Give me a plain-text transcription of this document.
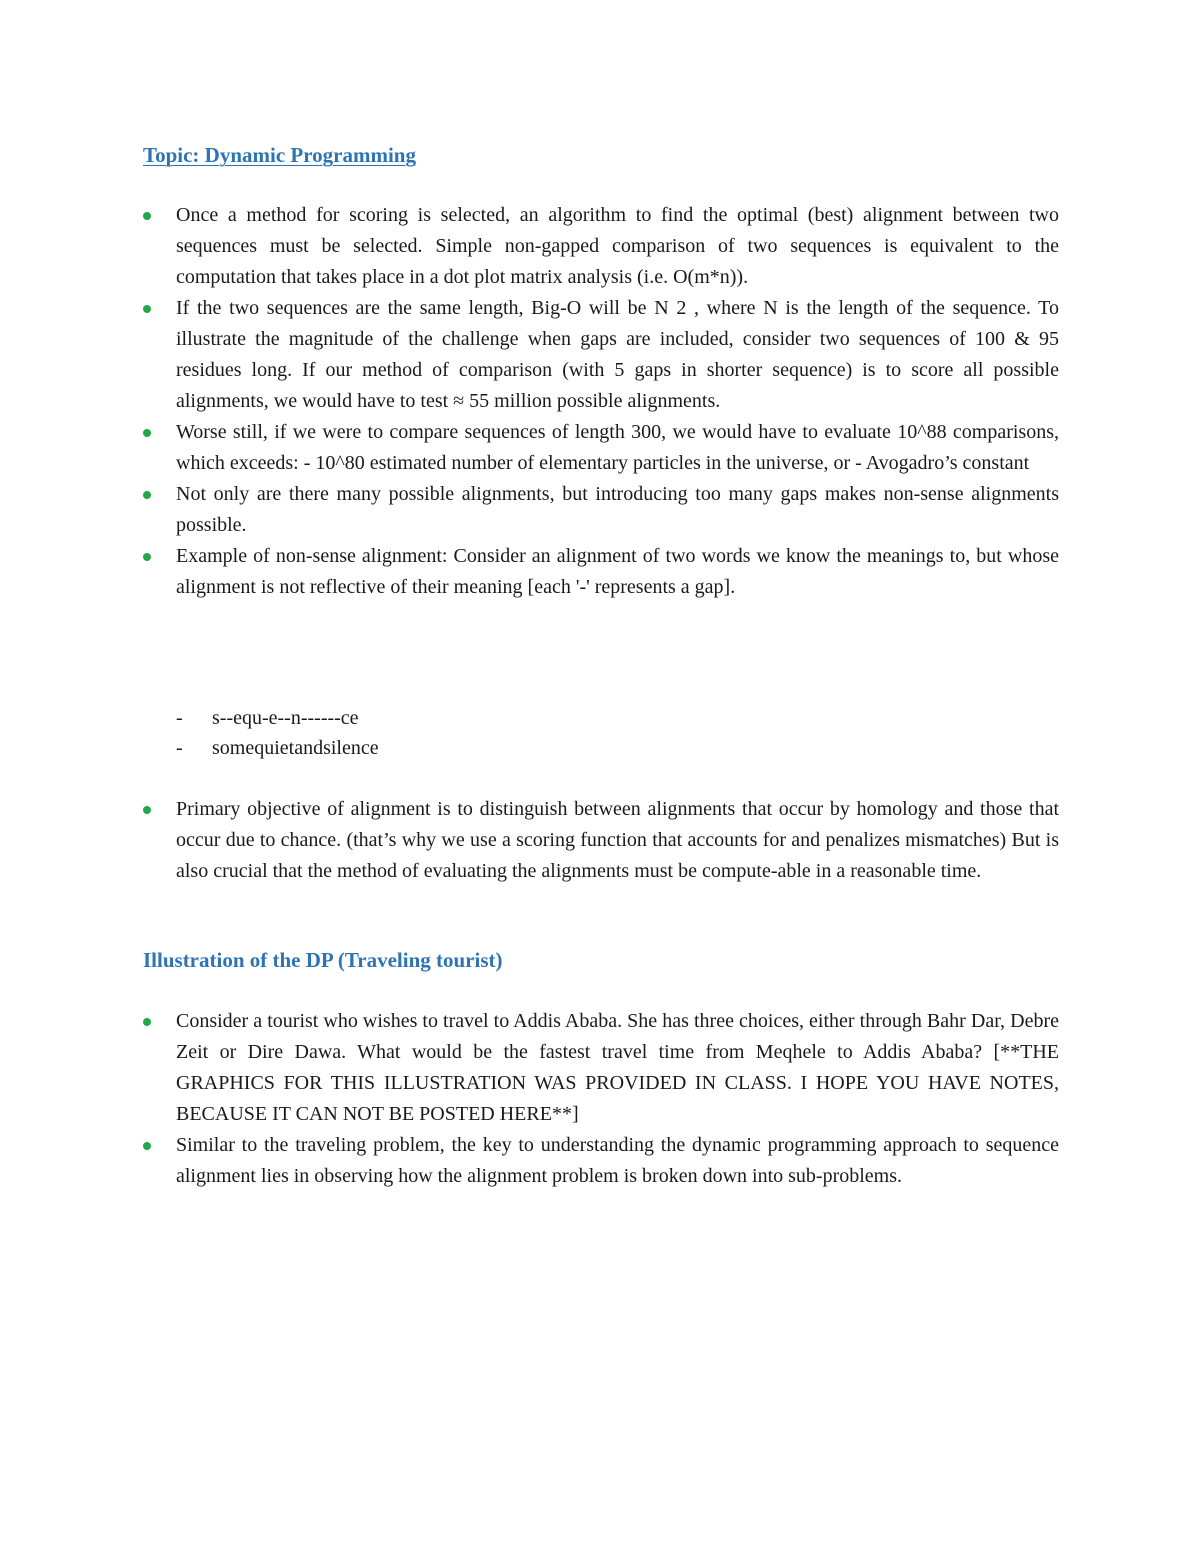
Topic: Dynamic Programming
Once a method for scoring is selected, an algorithm to find the optimal (best) alignment between two sequences must be selected. Simple non-gapped comparison of two sequences is equivalent to the computation that takes place in a dot plot matrix analysis (i.e. O(m*n)).
If the two sequences are the same length, Big-O will be N 2 , where N is the length of the sequence. To illustrate the magnitude of the challenge when gaps are included, consider two sequences of 100 & 95 residues long. If our method of comparison (with 5 gaps in shorter sequence) is to score all possible alignments, we would have to test ≈ 55 million possible alignments.
Worse still, if we were to compare sequences of length 300, we would have to evaluate 10^88 comparisons, which exceeds: - 10^80 estimated number of elementary particles in the universe, or - Avogadro’s constant
Not only are there many possible alignments, but introducing too many gaps makes non-sense alignments possible.
Example of non-sense alignment: Consider an alignment of two words we know the meanings to, but whose alignment is not reflective of their meaning [each '-' represents a gap].
- s--equ-e--n------ce
- somequietandsilence
Primary objective of alignment is to distinguish between alignments that occur by homology and those that occur due to chance. (that’s why we use a scoring function that accounts for and penalizes mismatches) But is also crucial that the method of evaluating the alignments must be compute-able in a reasonable time.
Illustration of the DP (Traveling tourist)
Consider a tourist who wishes to travel to Addis Ababa. She has three choices, either through Bahr Dar, Debre Zeit or Dire Dawa. What would be the fastest travel time from Meqhele to Addis Ababa? [**THE GRAPHICS FOR THIS ILLUSTRATION WAS PROVIDED IN CLASS. I HOPE YOU HAVE NOTES, BECAUSE IT CAN NOT BE POSTED HERE**]
Similar to the traveling problem, the key to understanding the dynamic programming approach to sequence alignment lies in observing how the alignment problem is broken down into sub-problems.
